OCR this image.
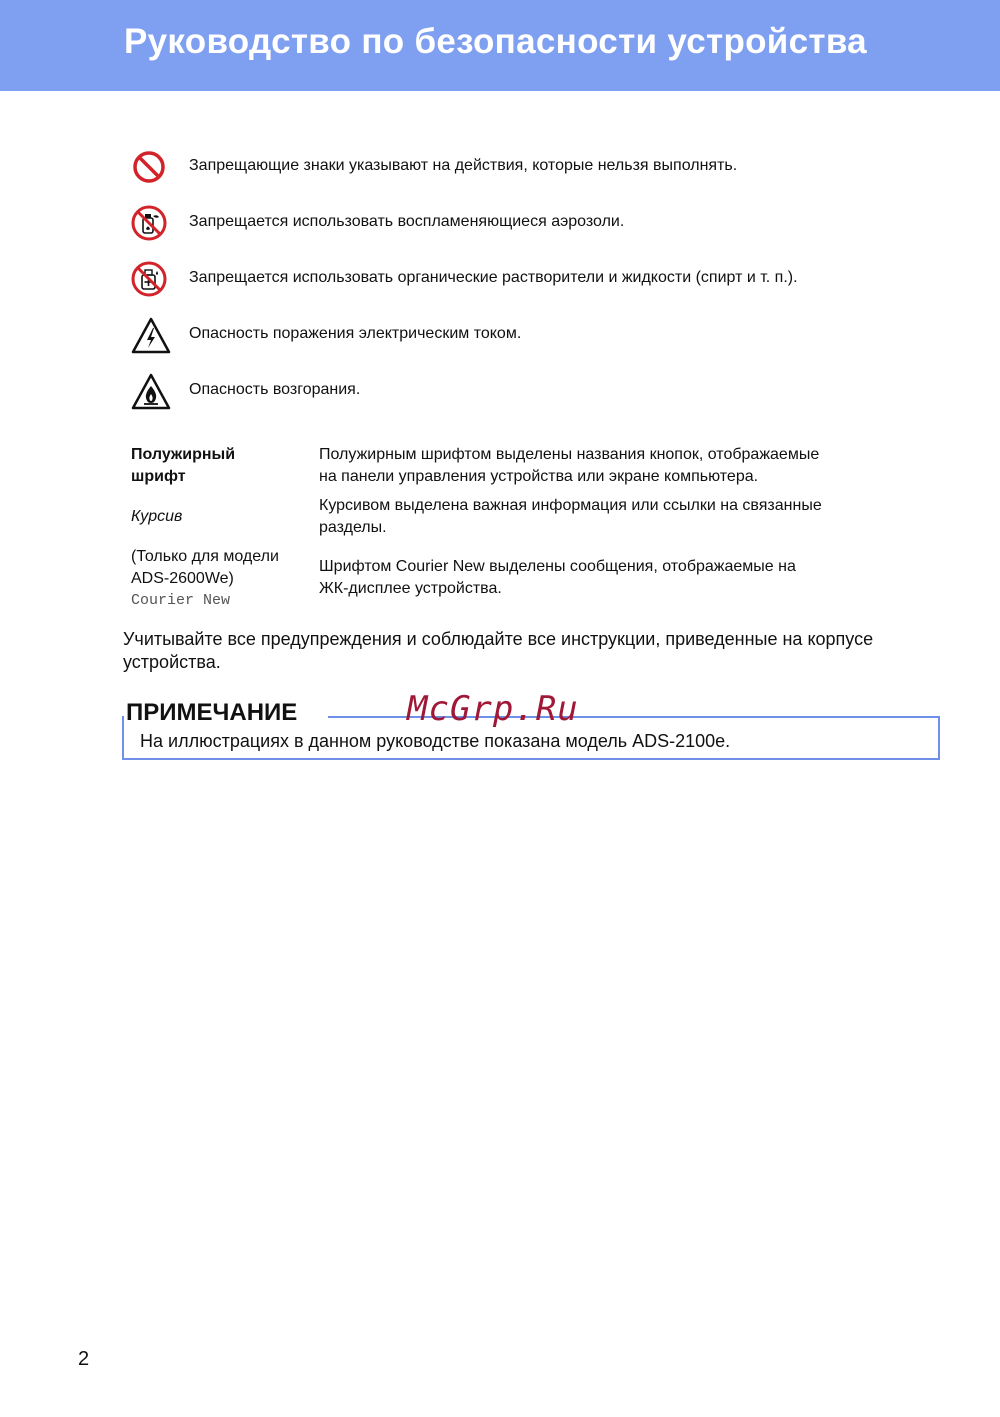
Руководство по безопасности устройства
Запрещающие знаки указывают на действия, которые нельзя выполнять.
Запрещается использовать воспламеняющиеся аэрозоли.
Запрещается использовать органические растворители и жидкости (спирт и т. п.).
Опасность поражения электрическим током.
Опасность возгорания.
Полужирный
шрифт
Полужирным шрифтом выделены названия кнопок, отображаемые
на панели управления устройства или экране компьютера.
Курсив
Курсивом выделена важная информация или ссылки на связанные
разделы.
(Только для модели
ADS-2600We)
Courier New
Шрифтом Courier New выделены сообщения, отображаемые на
ЖК-дисплее устройства.
Учитывайте все предупреждения и соблюдайте все инструкции, приведенные на корпусе устройства.
ПРИМЕЧАНИЕ
На иллюстрациях в данном руководстве показана модель ADS-2100e.
McGrp.Ru
2
